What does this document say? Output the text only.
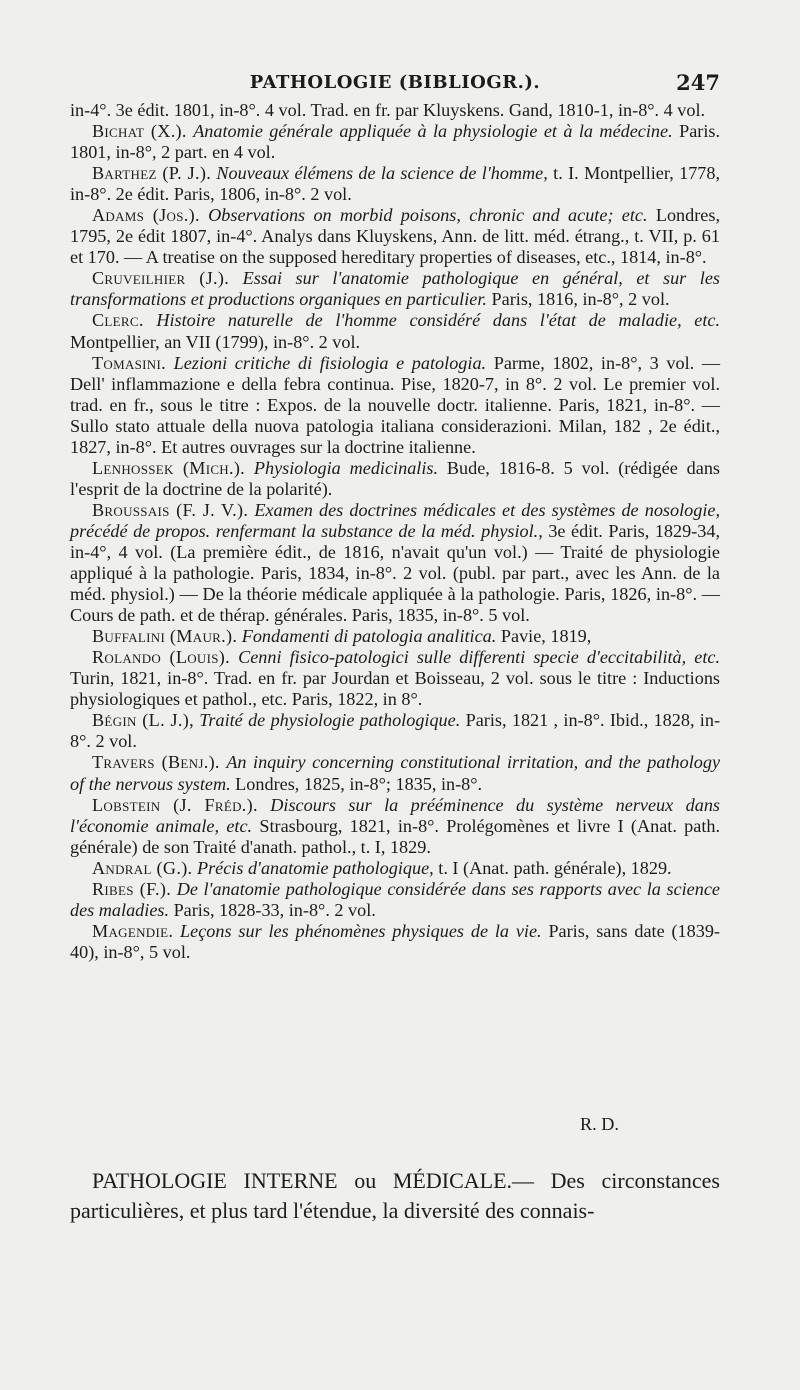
PATHOLOGIE (BIBLIOGR.).	247

in-4°. 3e édit. 1801, in-8°. 4 vol. Trad. en fr. par Kluyskens. Gand, 1810-1, in-8°. 4 vol.

Bichat (X.). Anatomie générale appliquée à la physiologie et à la médecine. Paris. 1801, in-8°, 2 part. en 4 vol.

Barthez (P. J.). Nouveaux élémens de la science de l'homme, t. I. Montpellier, 1778, in-8°. 2e édit. Paris, 1806, in-8°. 2 vol.

Adams (Jos.). Observations on morbid poisons, chronic and acute; etc. Londres, 1795, 2e édit 1807, in-4°. Analys dans Kluyskens, Ann. de litt. méd. étrang., t. VII, p. 61 et 170. — A treatise on the supposed hereditary properties of diseases, etc., 1814, in-8°.

Cruveilhier (J.). Essai sur l'anatomie pathologique en général, et sur les transformations et productions organiques en particulier. Paris, 1816, in-8°, 2 vol.

Clerc. Histoire naturelle de l'homme considéré dans l'état de maladie, etc. Montpellier, an VII (1799), in-8°. 2 vol.

Tomasini. Lezioni critiche di fisiologia e patologia. Parme, 1802, in-8°, 3 vol. — Dell' inflammazione e della febra continua. Pise, 1820-7, in 8°. 2 vol. Le premier vol. trad. en fr., sous le titre : Expos. de la nouvelle doctr. italienne. Paris, 1821, in-8°. — Sullo stato attuale della nuova patologia italiana considerazioni. Milan, 182 , 2e édit., 1827, in-8°. Et autres ouvrages sur la doctrine italienne.

Lenhossek (Mich.). Physiologia medicinalis. Bude, 1816-8. 5 vol. (rédigée dans l'esprit de la doctrine de la polarité).

Broussais (F. J. V.). Examen des doctrines médicales et des systèmes de nosologie, précédé de propos. renfermant la substance de la méd. physiol., 3e édit. Paris, 1829-34, in-4°, 4 vol. (La première édit., de 1816, n'avait qu'un vol.) — Traité de physiologie appliqué à la pathologie. Paris, 1834, in-8°. 2 vol. (publ. par part., avec les Ann. de la méd. physiol.) — De la théorie médicale appliquée à la pathologie. Paris, 1826, in-8°. — Cours de path. et de thérap. générales. Paris, 1835, in-8°. 5 vol.

Buffalini (Maur.). Fondamenti di patologia analitica. Pavie, 1819,

Rolando (Louis). Cenni fisico-patologici sulle differenti specie d'eccitabilità, etc. Turin, 1821, in-8°. Trad. en fr. par Jourdan et Boisseau, 2 vol. sous le titre : Inductions physiologiques et pathol., etc. Paris, 1822, in 8°.

Bégin (L. J.), Traité de physiologie pathologique. Paris, 1821 , in-8°. Ibid., 1828, in-8°. 2 vol.

Travers (Benj.). An inquiry concerning constitutional irritation, and the pathology of the nervous system. Londres, 1825, in-8°; 1835, in-8°.

Lobstein (J. Fréd.). Discours sur la prééminence du système nerveux dans l'économie animale, etc. Strasbourg, 1821, in-8°. Prolégomènes et livre I (Anat. path. générale) de son Traité d'anath. pathol., t. I, 1829.

Andral (G.). Précis d'anatomie pathologique, t. I (Anat. path. générale), 1829.

Ribes (F.). De l'anatomie pathologique considérée dans ses rapports avec la science des maladies. Paris, 1828-33, in-8°. 2 vol.

Magendie. Leçons sur les phénomènes physiques de la vie. Paris, sans date (1839-40), in-8°, 5 vol.

R. D.
PATHOLOGIE INTERNE ou MÉDICALE.— Des circonstances particulières, et plus tard l'étendue, la diversité des connais-
